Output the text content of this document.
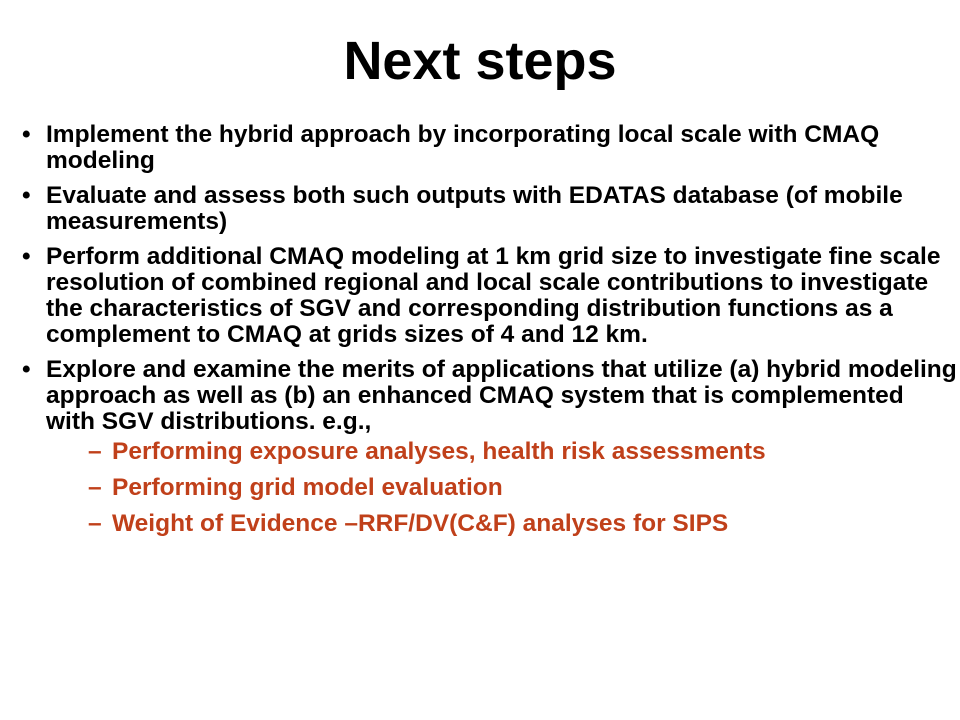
Next steps
• Implement the hybrid approach by incorporating local scale with CMAQ modeling
• Evaluate and assess both such outputs with EDATAS database (of mobile measurements)
• Perform additional CMAQ modeling at 1 km grid size to investigate fine scale resolution of combined regional and local scale contributions to investigate the characteristics of SGV and corresponding distribution functions as a complement to CMAQ at grids sizes of 4 and 12 km.
• Explore and examine the merits of applications that utilize (a) hybrid modeling approach as well as (b) an enhanced CMAQ system that is complemented with SGV distributions. e.g.,
– Performing exposure analyses, health risk assessments
– Performing grid model evaluation
– Weight of Evidence –RRF/DV(C&F) analyses for SIPS
